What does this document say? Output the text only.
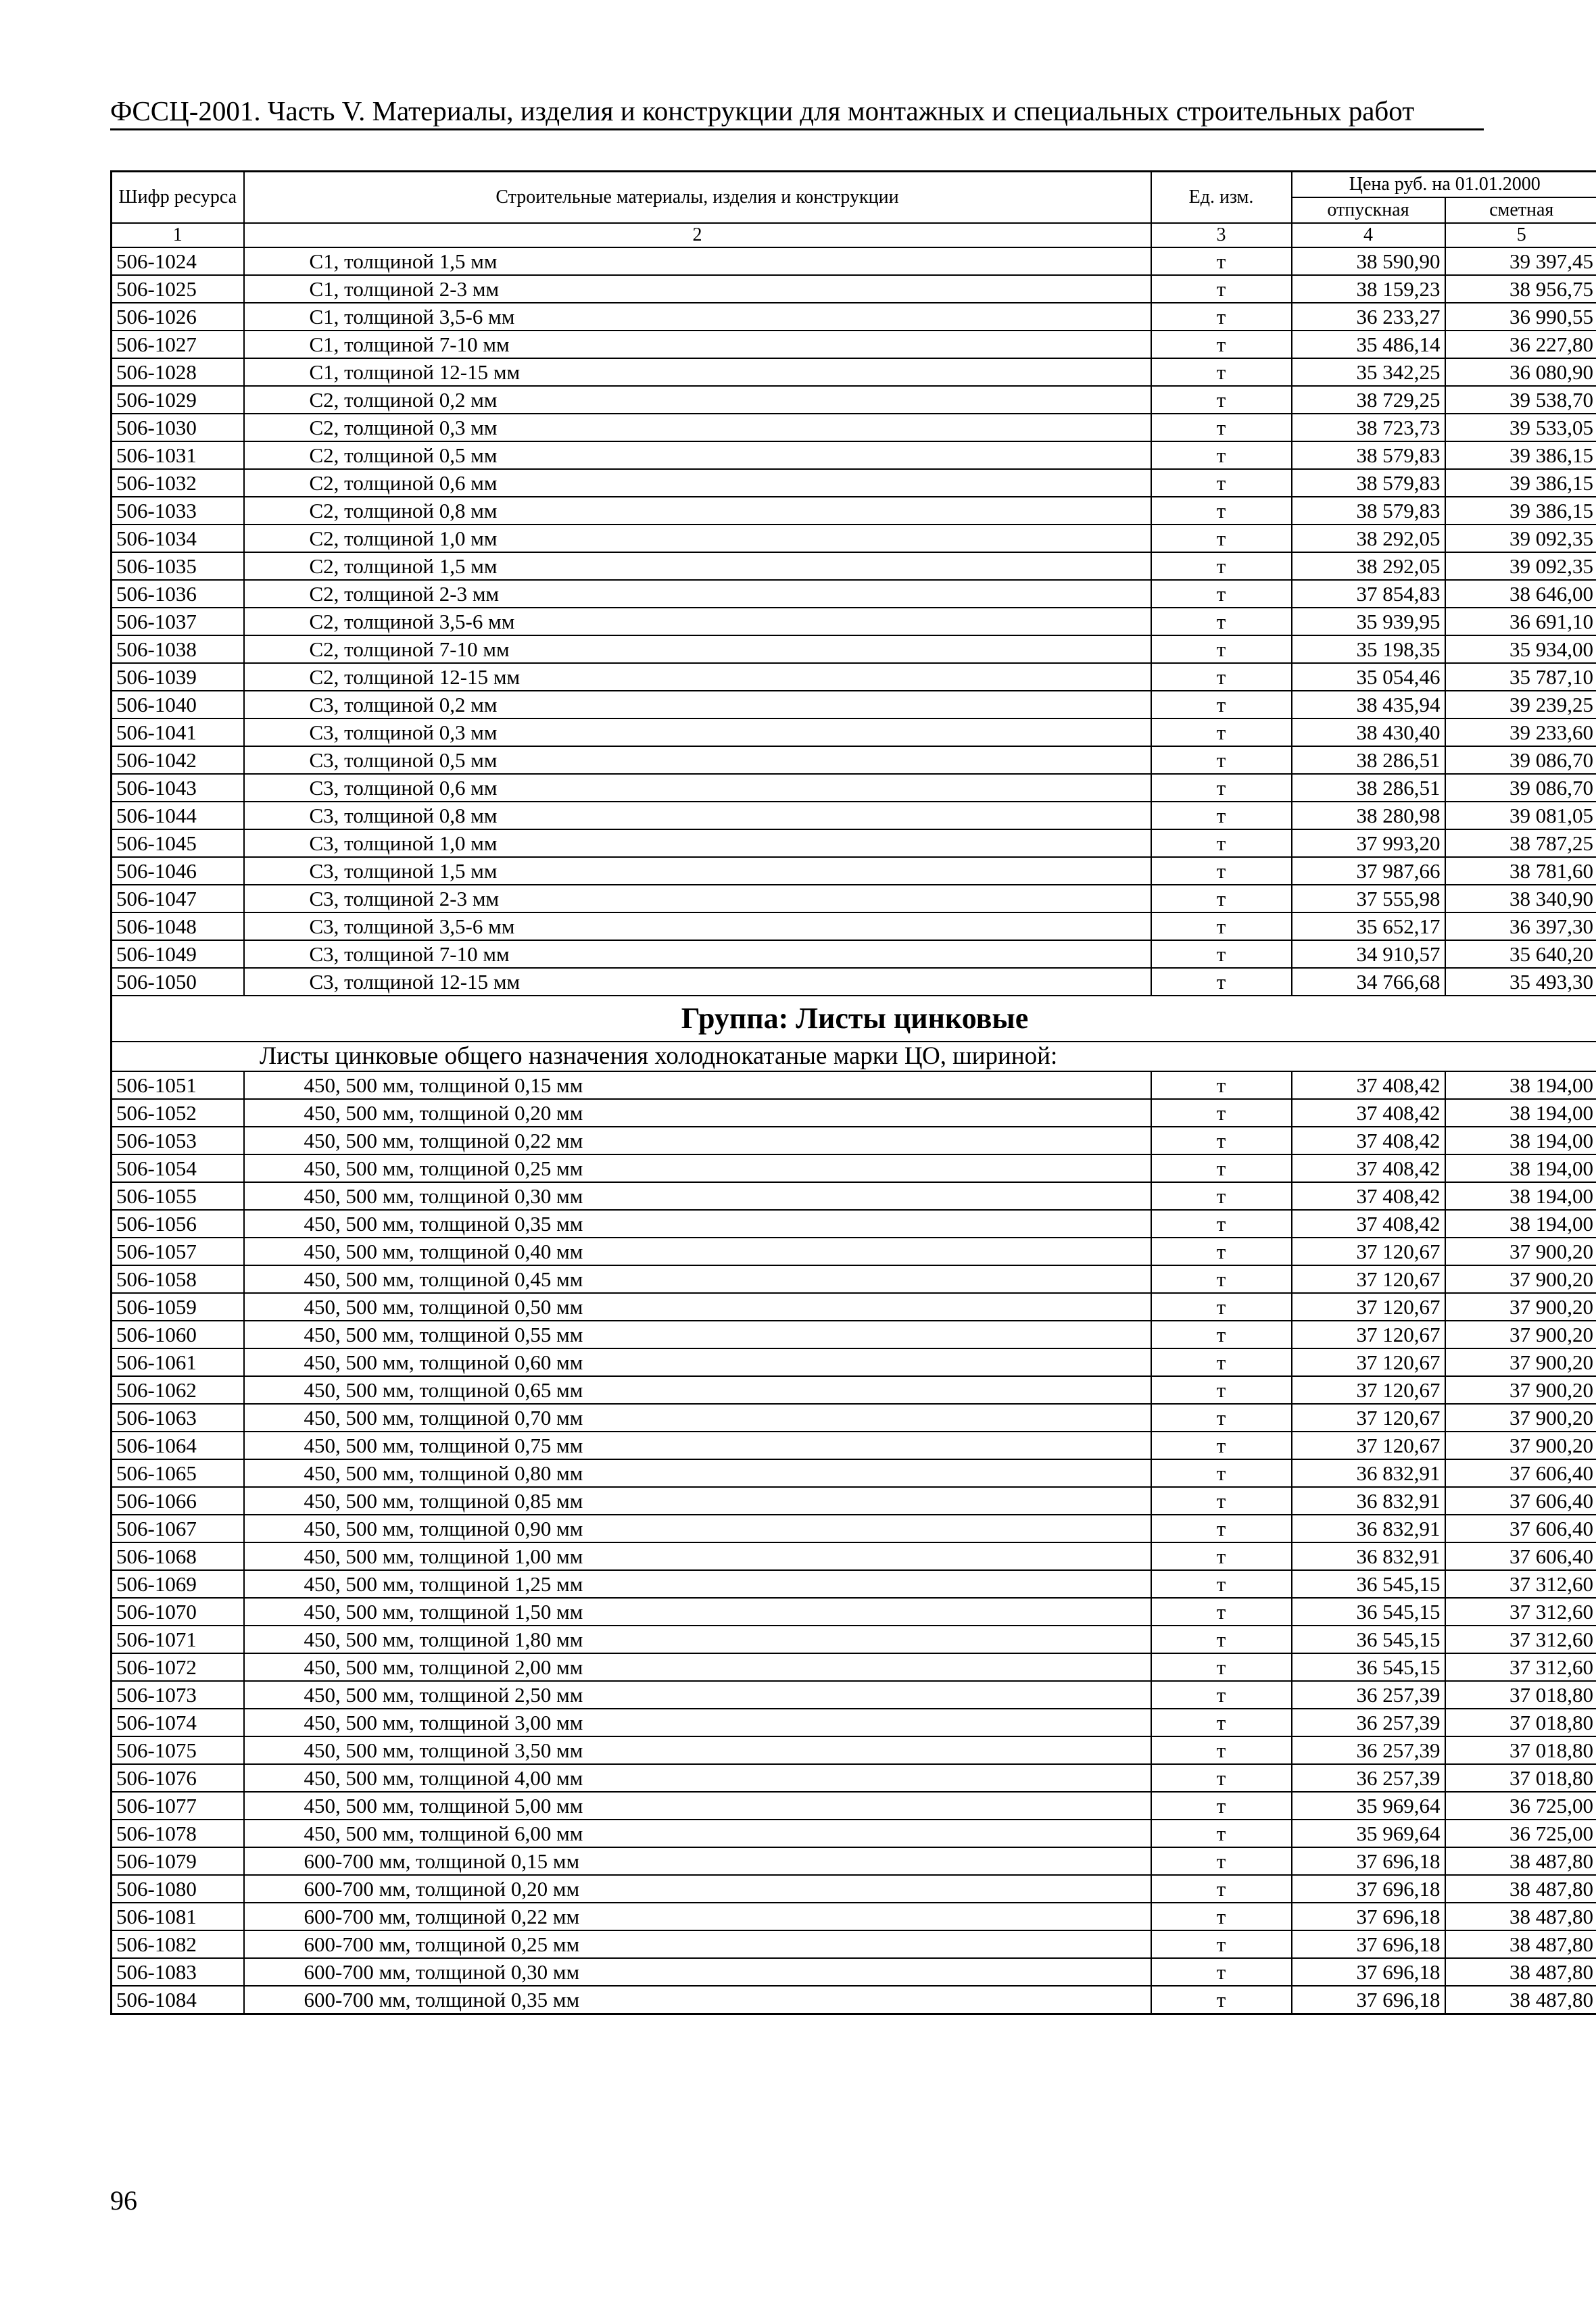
ФССЦ-2001. Часть V. Материалы, изделия и конструкции для монтажных и специальных строительных работ
Шифр ресурса	Строительные материалы, изделия и конструкции	Ед. изм.	Цена руб. на 01.01.2000	
			отпускная	сметная
1	2	3	4	5
506-1024	С1, толщиной 1,5 мм	т	38 590,90	39 397,45
506-1025	С1, толщиной 2-3 мм	т	38 159,23	38 956,75
506-1026	С1, толщиной 3,5-6 мм	т	36 233,27	36 990,55
506-1027	С1, толщиной 7-10 мм	т	35 486,14	36 227,80
506-1028	С1, толщиной 12-15 мм	т	35 342,25	36 080,90
506-1029	С2, толщиной 0,2 мм	т	38 729,25	39 538,70
506-1030	С2, толщиной 0,3 мм	т	38 723,73	39 533,05
506-1031	С2, толщиной 0,5 мм	т	38 579,83	39 386,15
506-1032	С2, толщиной 0,6 мм	т	38 579,83	39 386,15
506-1033	С2, толщиной 0,8 мм	т	38 579,83	39 386,15
506-1034	С2, толщиной 1,0 мм	т	38 292,05	39 092,35
506-1035	С2, толщиной 1,5 мм	т	38 292,05	39 092,35
506-1036	С2, толщиной 2-3 мм	т	37 854,83	38 646,00
506-1037	С2, толщиной 3,5-6 мм	т	35 939,95	36 691,10
506-1038	С2, толщиной 7-10 мм	т	35 198,35	35 934,00
506-1039	С2, толщиной 12-15 мм	т	35 054,46	35 787,10
506-1040	С3, толщиной 0,2 мм	т	38 435,94	39 239,25
506-1041	С3, толщиной 0,3 мм	т	38 430,40	39 233,60
506-1042	С3, толщиной 0,5 мм	т	38 286,51	39 086,70
506-1043	С3, толщиной 0,6 мм	т	38 286,51	39 086,70
506-1044	С3, толщиной 0,8 мм	т	38 280,98	39 081,05
506-1045	С3, толщиной 1,0 мм	т	37 993,20	38 787,25
506-1046	С3, толщиной 1,5 мм	т	37 987,66	38 781,60
506-1047	С3, толщиной 2-3 мм	т	37 555,98	38 340,90
506-1048	С3, толщиной 3,5-6 мм	т	35 652,17	36 397,30
506-1049	С3, толщиной 7-10 мм	т	34 910,57	35 640,20
506-1050	С3, толщиной 12-15 мм	т	34 766,68	35 493,30
Группа: Листы цинковые				
Листы цинковые общего назначения холоднокатаные марки ЦО, шириной:				
506-1051	450, 500 мм, толщиной 0,15 мм	т	37 408,42	38 194,00
506-1052	450, 500 мм, толщиной 0,20 мм	т	37 408,42	38 194,00
506-1053	450, 500 мм, толщиной 0,22 мм	т	37 408,42	38 194,00
506-1054	450, 500 мм, толщиной 0,25 мм	т	37 408,42	38 194,00
506-1055	450, 500 мм, толщиной 0,30 мм	т	37 408,42	38 194,00
506-1056	450, 500 мм, толщиной 0,35 мм	т	37 408,42	38 194,00
506-1057	450, 500 мм, толщиной 0,40 мм	т	37 120,67	37 900,20
506-1058	450, 500 мм, толщиной 0,45 мм	т	37 120,67	37 900,20
506-1059	450, 500 мм, толщиной 0,50 мм	т	37 120,67	37 900,20
506-1060	450, 500 мм, толщиной 0,55 мм	т	37 120,67	37 900,20
506-1061	450, 500 мм, толщиной 0,60 мм	т	37 120,67	37 900,20
506-1062	450, 500 мм, толщиной 0,65 мм	т	37 120,67	37 900,20
506-1063	450, 500 мм, толщиной 0,70 мм	т	37 120,67	37 900,20
506-1064	450, 500 мм, толщиной 0,75 мм	т	37 120,67	37 900,20
506-1065	450, 500 мм, толщиной 0,80 мм	т	36 832,91	37 606,40
506-1066	450, 500 мм, толщиной 0,85 мм	т	36 832,91	37 606,40
506-1067	450, 500 мм, толщиной 0,90 мм	т	36 832,91	37 606,40
506-1068	450, 500 мм, толщиной 1,00 мм	т	36 832,91	37 606,40
506-1069	450, 500 мм, толщиной 1,25 мм	т	36 545,15	37 312,60
506-1070	450, 500 мм, толщиной 1,50 мм	т	36 545,15	37 312,60
506-1071	450, 500 мм, толщиной 1,80 мм	т	36 545,15	37 312,60
506-1072	450, 500 мм, толщиной 2,00 мм	т	36 545,15	37 312,60
506-1073	450, 500 мм, толщиной 2,50 мм	т	36 257,39	37 018,80
506-1074	450, 500 мм, толщиной 3,00 мм	т	36 257,39	37 018,80
506-1075	450, 500 мм, толщиной 3,50 мм	т	36 257,39	37 018,80
506-1076	450, 500 мм, толщиной 4,00 мм	т	36 257,39	37 018,80
506-1077	450, 500 мм, толщиной 5,00 мм	т	35 969,64	36 725,00
506-1078	450, 500 мм, толщиной 6,00 мм	т	35 969,64	36 725,00
506-1079	600-700 мм, толщиной 0,15 мм	т	37 696,18	38 487,80
506-1080	600-700 мм, толщиной 0,20 мм	т	37 696,18	38 487,80
506-1081	600-700 мм, толщиной 0,22 мм	т	37 696,18	38 487,80
506-1082	600-700 мм, толщиной 0,25 мм	т	37 696,18	38 487,80
506-1083	600-700 мм, толщиной 0,30 мм	т	37 696,18	38 487,80
506-1084	600-700 мм, толщиной 0,35 мм	т	37 696,18	38 487,80
96
